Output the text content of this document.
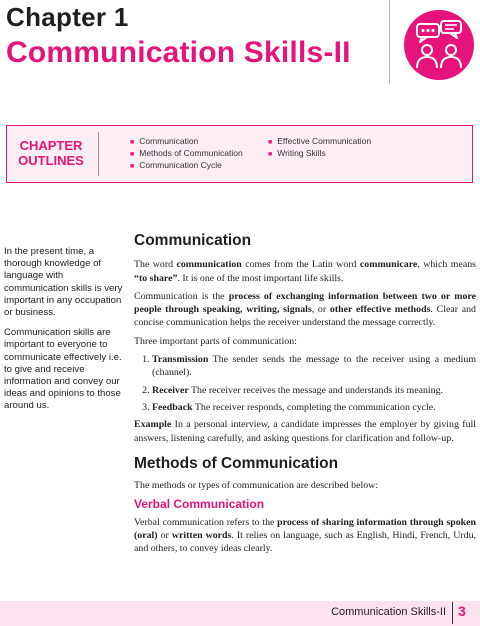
Chapter 1
Communication Skills-II
CHAPTER OUTLINES
■ Communication
■ Methods of Communication
■ Communication Cycle
■ Effective Communication
■ Writing Skills

In the present time, a thorough knowledge of language with communication skills is very important in any occupation or business.

Communication skills are important to everyone to communicate effectively i.e. to give and receive information and convey our ideas and opinions to those around us.

Communication

The word communication comes from the Latin word communicare, which means “to share”. It is one of the most important life skills.

Communication is the process of exchanging information between two or more people through speaking, writing, signals, or other effective methods. Clear and concise communication helps the receiver understand the message correctly.

Three important parts of communication:

1. Transmission The sender sends the message to the receiver using a medium (channel).
2. Receiver The receiver receives the message and understands its meaning.
3. Feedback The receiver responds, completing the communication cycle.

Example In a personal interview, a candidate impresses the employer by giving full answers, listening carefully, and asking questions for clarification and follow-up.

Methods of Communication

The methods or types of communication are described below:

Verbal Communication

Verbal communication refers to the process of sharing information through spoken (oral) or written words. It relies on language, such as English, Hindi, French, Urdu, and others, to convey ideas clearly.

Communication Skills-II 3
